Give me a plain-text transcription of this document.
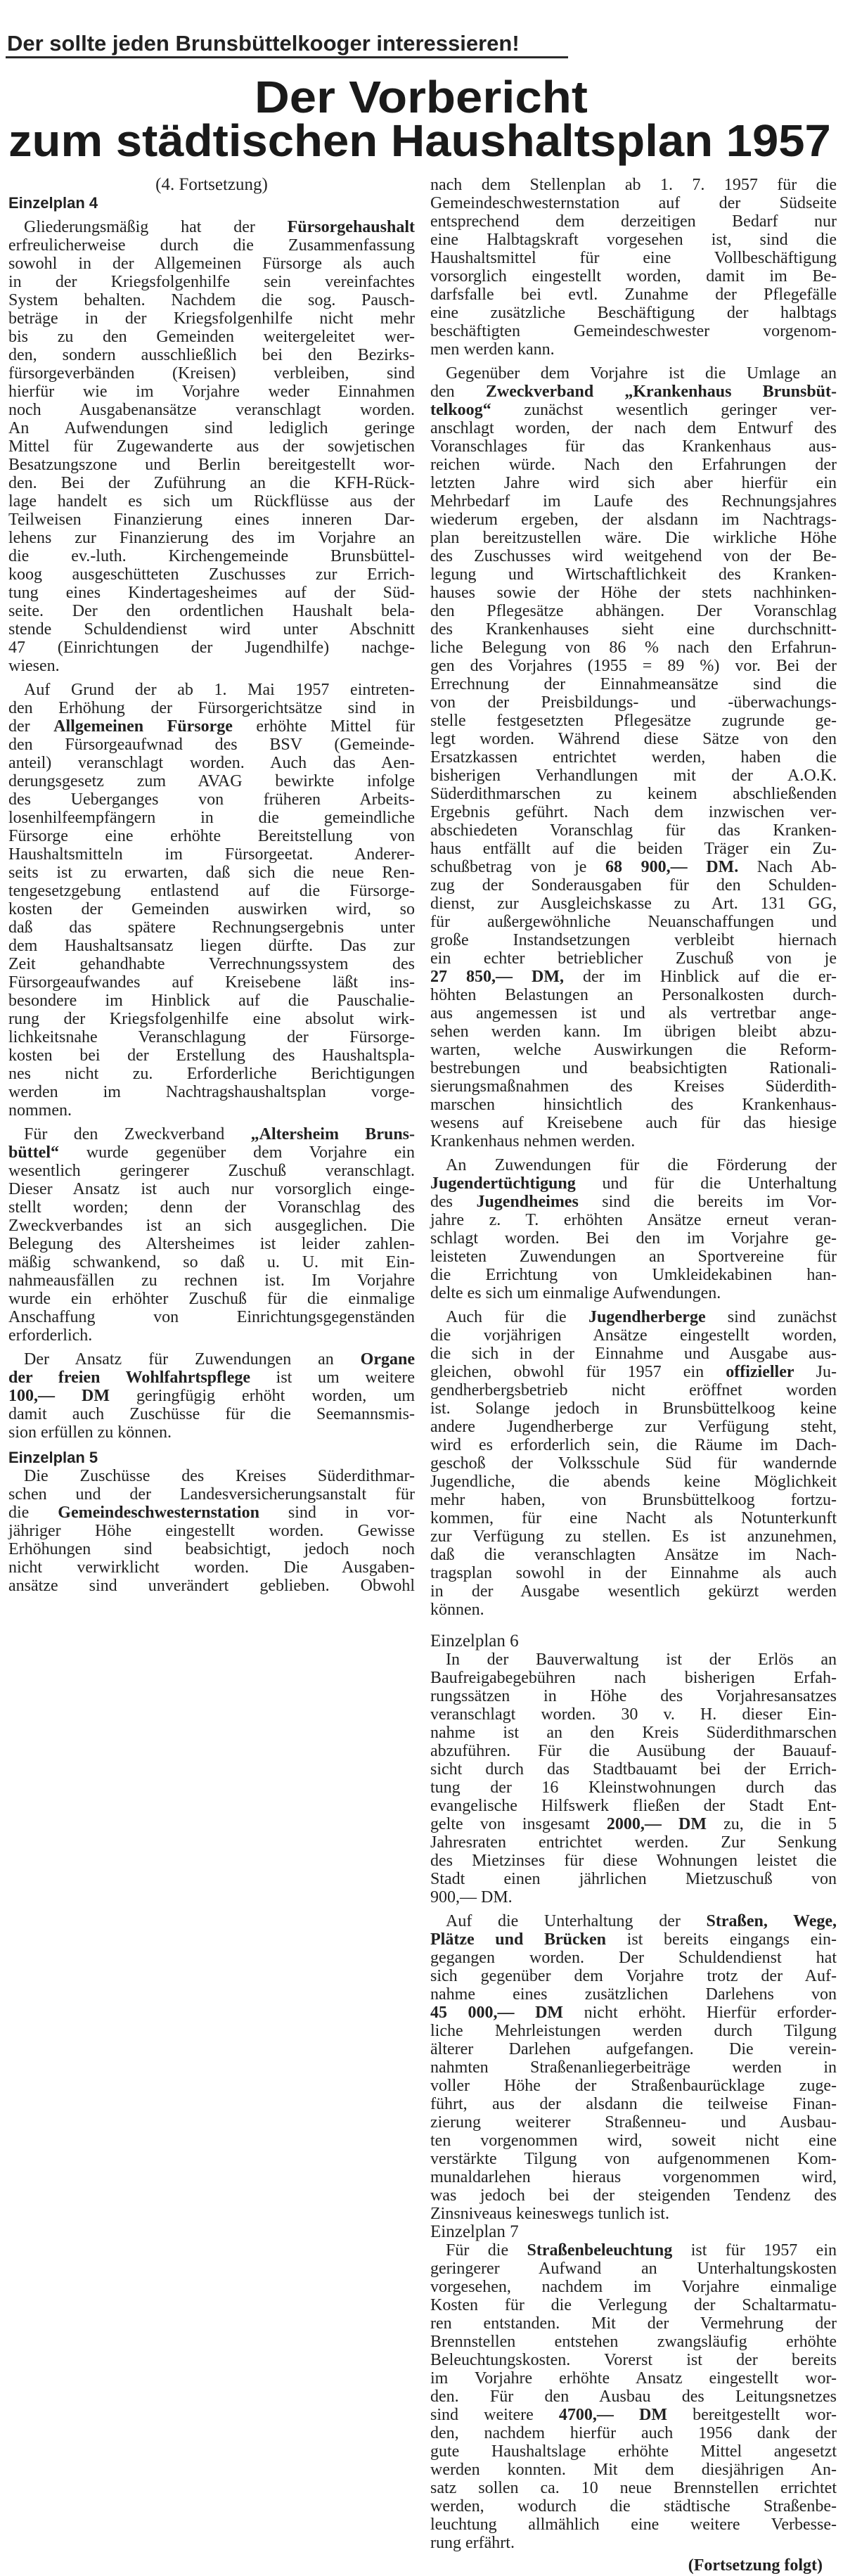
Der sollte jeden Brunsbüttelkooger interessieren!
Der Vorbericht
zum städtischen Haushaltsplan 1957
(4. Fortsetzung)
Einzelplan 4
Gliederungsmäßig hat der Fürsorgehaushalt
erfreulicherweise durch die Zusammenfassung
sowohl in der Allgemeinen Fürsorge als auch
in der Kriegsfolgenhilfe sein vereinfachtes
System behalten. Nachdem die sog. Pausch-
beträge in der Kriegsfolgenhilfe nicht mehr
bis zu den Gemeinden weitergeleitet wer-
den, sondern ausschließlich bei den Bezirks-
fürsorgeverbänden (Kreisen) verbleiben, sind
hierfür wie im Vorjahre weder Einnahmen
noch Ausgabenansätze veranschlagt worden.
An Aufwendungen sind lediglich geringe
Mittel für Zugewanderte aus der sowjetischen
Besatzungszone und Berlin bereitgestellt wor-
den. Bei der Zuführung an die KFH-Rück-
lage handelt es sich um Rückflüsse aus der
Teilweisen Finanzierung eines inneren Dar-
lehens zur Finanzierung des im Vorjahre an
die ev.-luth. Kirchengemeinde Brunsbüttel-
koog ausgeschütteten Zuschusses zur Errich-
tung eines Kindertagesheimes auf der Süd-
seite. Der den ordentlichen Haushalt bela-
stende Schuldendienst wird unter Abschnitt
47 (Einrichtungen der Jugendhilfe) nachge-
wiesen.
Auf Grund der ab 1. Mai 1957 eintreten-
den Erhöhung der Fürsorgerichtsätze sind in
der Allgemeinen Fürsorge erhöhte Mittel für
den Fürsorgeaufwnad des BSV (Gemeinde-
anteil) veranschlagt worden. Auch das Aen-
derungsgesetz zum AVAG bewirkte infolge
des Ueberganges von früheren Arbeits-
losenhilfeempfängern in die gemeindliche
Fürsorge eine erhöhte Bereitstellung von
Haushaltsmitteln im Fürsorgeetat. Anderer-
seits ist zu erwarten, daß sich die neue Ren-
tengesetzgebung entlastend auf die Fürsorge-
kosten der Gemeinden auswirken wird, so
daß das spätere Rechnungsergebnis unter
dem Haushaltsansatz liegen dürfte. Das zur
Zeit gehandhabte Verrechnungssystem des
Fürsorgeaufwandes auf Kreisebene läßt ins-
besondere im Hinblick auf die Pauschalie-
rung der Kriegsfolgenhilfe eine absolut wirk-
lichkeitsnahe Veranschlagung der Fürsorge-
kosten bei der Erstellung des Haushaltspla-
nes nicht zu. Erforderliche Berichtigungen
werden im Nachtragshaushaltsplan vorge-
nommen.
Für den Zweckverband „Altersheim Bruns-
büttel“ wurde gegenüber dem Vorjahre ein
wesentlich geringerer Zuschuß veranschlagt.
Dieser Ansatz ist auch nur vorsorglich einge-
stellt worden; denn der Voranschlag des
Zweckverbandes ist an sich ausgeglichen. Die
Belegung des Altersheimes ist leider zahlen-
mäßig schwankend, so daß u. U. mit Ein-
nahmeausfällen zu rechnen ist. Im Vorjahre
wurde ein erhöhter Zuschuß für die einmalige
Anschaffung von Einrichtungsgegenständen
erforderlich.
Der Ansatz für Zuwendungen an Organe
der freien Wohlfahrtspflege ist um weitere
100,— DM geringfügig erhöht worden, um
damit auch Zuschüsse für die Seemannsmis-
sion erfüllen zu können.
Einzelplan 5
Die Zuschüsse des Kreises Süderdithmar-
schen und der Landesversicherungsanstalt für
die Gemeindeschwesternstation sind in vor-
jähriger Höhe eingestellt worden. Gewisse
Erhöhungen sind beabsichtigt, jedoch noch
nicht verwirklicht worden. Die Ausgaben-
ansätze sind unverändert geblieben. Obwohl
nach dem Stellenplan ab 1. 7. 1957 für die
Gemeindeschwesternstation auf der Südseite
entsprechend dem derzeitigen Bedarf nur
eine Halbtagskraft vorgesehen ist, sind die
Haushaltsmittel für eine Vollbeschäftigung
vorsorglich eingestellt worden, damit im Be-
darfsfalle bei evtl. Zunahme der Pflegefälle
eine zusätzliche Beschäftigung der halbtags
beschäftigten Gemeindeschwester vorgenom-
men werden kann.
Gegenüber dem Vorjahre ist die Umlage an
den Zweckverband „Krankenhaus Brunsbüt-
telkoog“ zunächst wesentlich geringer ver-
anschlagt worden, der nach dem Entwurf des
Voranschlages für das Krankenhaus aus-
reichen würde. Nach den Erfahrungen der
letzten Jahre wird sich aber hierfür ein
Mehrbedarf im Laufe des Rechnungsjahres
wiederum ergeben, der alsdann im Nachtrags-
plan bereitzustellen wäre. Die wirkliche Höhe
des Zuschusses wird weitgehend von der Be-
legung und Wirtschaftlichkeit des Kranken-
hauses sowie der Höhe der stets nachhinken-
den Pflegesätze abhängen. Der Voranschlag
des Krankenhauses sieht eine durchschnitt-
liche Belegung von 86 % nach den Erfahrun-
gen des Vorjahres (1955 = 89 %) vor. Bei der
Errechnung der Einnahmeansätze sind die
von der Preisbildungs- und -überwachungs-
stelle festgesetzten Pflegesätze zugrunde ge-
legt worden. Während diese Sätze von den
Ersatzkassen entrichtet werden, haben die
bisherigen Verhandlungen mit der A.O.K.
Süderdithmarschen zu keinem abschließenden
Ergebnis geführt. Nach dem inzwischen ver-
abschiedeten Voranschlag für das Kranken-
haus entfällt auf die beiden Träger ein Zu-
schußbetrag von je 68 900,— DM. Nach Ab-
zug der Sonderausgaben für den Schulden-
dienst, zur Ausgleichskasse zu Art. 131 GG,
für außergewöhnliche Neuanschaffungen und
große Instandsetzungen verbleibt hiernach
ein echter betrieblicher Zuschuß von je
27 850,— DM, der im Hinblick auf die er-
höhten Belastungen an Personalkosten durch-
aus angemessen ist und als vertretbar ange-
sehen werden kann. Im übrigen bleibt abzu-
warten, welche Auswirkungen die Reform-
bestrebungen und beabsichtigten Rationali-
sierungsmaßnahmen des Kreises Süderdith-
marschen hinsichtlich des Krankenhaus-
wesens auf Kreisebene auch für das hiesige
Krankenhaus nehmen werden.
An Zuwendungen für die Förderung der
Jugendertüchtigung und für die Unterhaltung
des Jugendheimes sind die bereits im Vor-
jahre z. T. erhöhten Ansätze erneut veran-
schlagt worden. Bei den im Vorjahre ge-
leisteten Zuwendungen an Sportvereine für
die Errichtung von Umkleidekabinen han-
delte es sich um einmalige Aufwendungen.
Auch für die Jugendherberge sind zunächst
die vorjährigen Ansätze eingestellt worden,
die sich in der Einnahme und Ausgabe aus-
gleichen, obwohl für 1957 ein offizieller Ju-
gendherbergsbetrieb nicht eröffnet worden
ist. Solange jedoch in Brunsbüttelkoog keine
andere Jugendherberge zur Verfügung steht,
wird es erforderlich sein, die Räume im Dach-
geschoß der Volksschule Süd für wandernde
Jugendliche, die abends keine Möglichkeit
mehr haben, von Brunsbüttelkoog fortzu-
kommen, für eine Nacht als Notunterkunft
zur Verfügung zu stellen. Es ist anzunehmen,
daß die veranschlagten Ansätze im Nach-
tragsplan sowohl in der Einnahme als auch
in der Ausgabe wesentlich gekürzt werden
können.
Einzelplan 6
In der Bauverwaltung ist der Erlös an
Baufreigabegebühren nach bisherigen Erfah-
rungssätzen in Höhe des Vorjahresansatzes
veranschlagt worden. 30 v. H. dieser Ein-
nahme ist an den Kreis Süderdithmarschen
abzuführen. Für die Ausübung der Bauauf-
sicht durch das Stadtbauamt bei der Errich-
tung der 16 Kleinstwohnungen durch das
evangelische Hilfswerk fließen der Stadt Ent-
gelte von insgesamt 2000,— DM zu, die in 5
Jahresraten entrichtet werden. Zur Senkung
des Mietzinses für diese Wohnungen leistet die
Stadt einen jährlichen Mietzuschuß von
900,— DM.
Auf die Unterhaltung der Straßen, Wege,
Plätze und Brücken ist bereits eingangs ein-
gegangen worden. Der Schuldendienst hat
sich gegenüber dem Vorjahre trotz der Auf-
nahme eines zusätzlichen Darlehens von
45 000,— DM nicht erhöht. Hierfür erforder-
liche Mehrleistungen werden durch Tilgung
älterer Darlehen aufgefangen. Die verein-
nahmten Straßenanliegerbeiträge werden in
voller Höhe der Straßenbaurücklage zuge-
führt, aus der alsdann die teilweise Finan-
zierung weiterer Straßenneu- und Ausbau-
ten vorgenommen wird, soweit nicht eine
verstärkte Tilgung von aufgenommenen Kom-
munaldarlehen hieraus vorgenommen wird,
was jedoch bei der steigenden Tendenz des
Zinsniveaus keineswegs tunlich ist.
Einzelplan 7
Für die Straßenbeleuchtung ist für 1957 ein
geringerer Aufwand an Unterhaltungskosten
vorgesehen, nachdem im Vorjahre einmalige
Kosten für die Verlegung der Schaltarmatu-
ren entstanden. Mit der Vermehrung der
Brennstellen entstehen zwangsläufig erhöhte
Beleuchtungskosten. Vorerst ist der bereits
im Vorjahre erhöhte Ansatz eingestellt wor-
den. Für den Ausbau des Leitungsnetzes
sind weitere 4700,— DM bereitgestellt wor-
den, nachdem hierfür auch 1956 dank der
gute Haushaltslage erhöhte Mittel angesetzt
werden konnten. Mit dem diesjährigen An-
satz sollen ca. 10 neue Brennstellen errichtet
werden, wodurch die städtische Straßenbe-
leuchtung allmählich eine weitere Verbesse-
rung erfährt.
(Fortsetzung folgt)
